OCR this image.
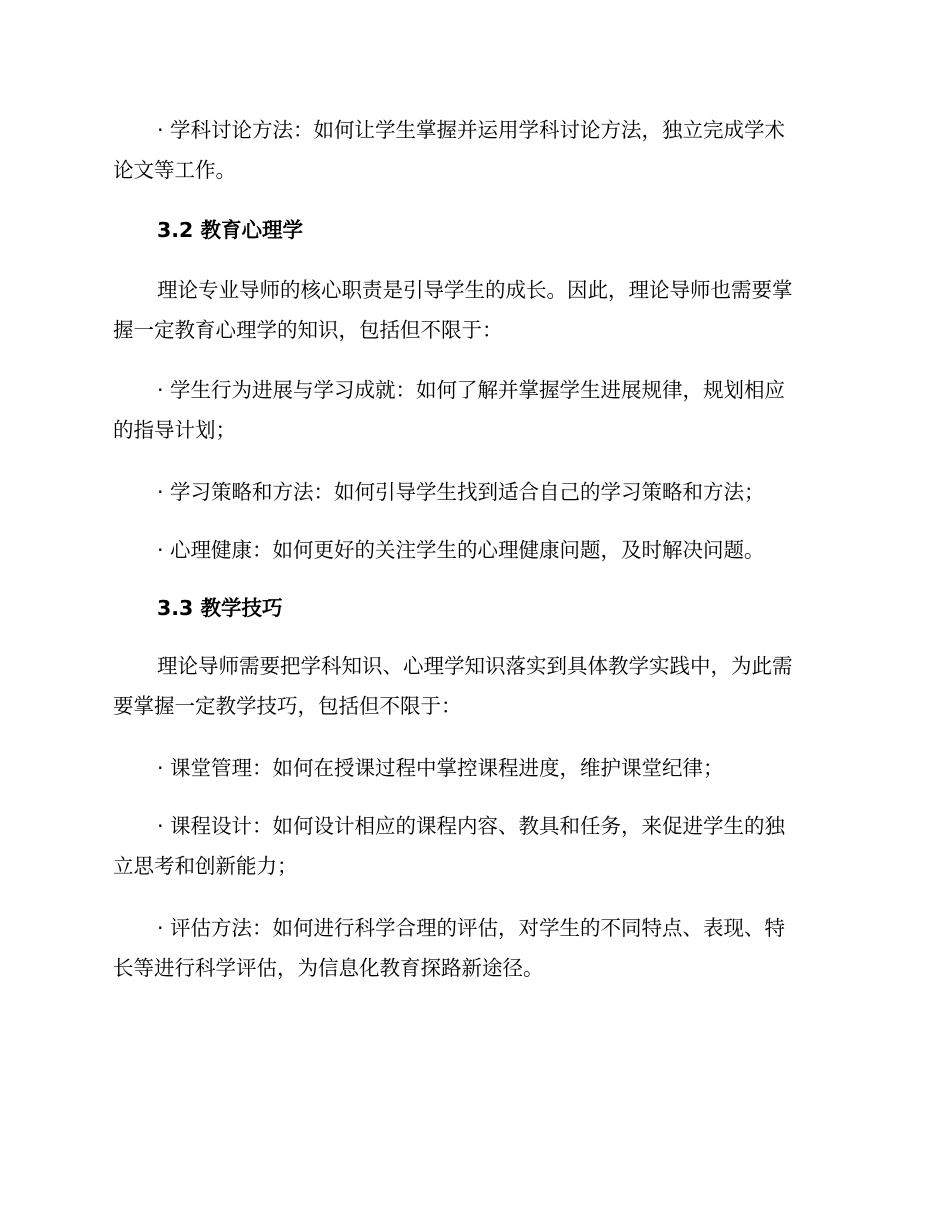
· 学科讨论方法：如何让学生掌握并运用学科讨论方法，独立完成学术
论文等工作。

3.2 教育心理学

理论专业导师的核心职责是引导学生的成长。因此，理论导师也需要掌
握一定教育心理学的知识，包括但不限于：

· 学生行为进展与学习成就：如何了解并掌握学生进展规律，规划相应
的指导计划；

· 学习策略和方法：如何引导学生找到适合自己的学习策略和方法；

· 心理健康：如何更好的关注学生的心理健康问题，及时解决问题。

3.3 教学技巧

理论导师需要把学科知识、心理学知识落实到具体教学实践中，为此需
要掌握一定教学技巧，包括但不限于：

· 课堂管理：如何在授课过程中掌控课程进度，维护课堂纪律；

· 课程设计：如何设计相应的课程内容、教具和任务，来促进学生的独
立思考和创新能力；

· 评估方法：如何进行科学合理的评估，对学生的不同特点、表现、特
长等进行科学评估，为信息化教育探路新途径。
